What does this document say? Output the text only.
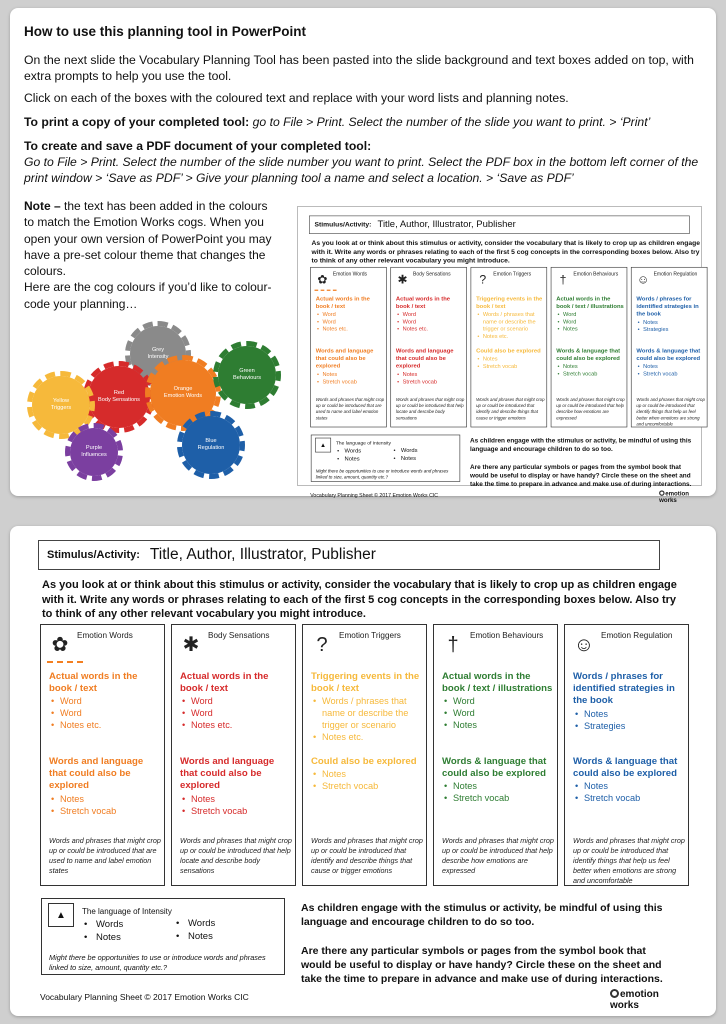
How to use this planning tool in PowerPoint
On the next slide the Vocabulary Planning Tool has been pasted into the slide background and text boxes added on top, with extra prompts to help you use the tool.
Click on each of the boxes with the coloured text and replace with your word lists and planning notes.
To print a copy of your completed tool: go to File > Print. Select the number of the slide you want to print. > ‘Print’
To create and save a PDF document of your completed tool:
Go to File > Print. Select the number of the slide number you want to print. Select the PDF box in the bottom left corner of the print window > ‘Save as PDF’ > Give your planning tool a name and select a location. > ‘Save as PDF’
Note – the text has been added in the colours to match the Emotion Works cogs. When you open your own version of PowerPoint you may have a pre-set colour theme that changes the colours.
Here are the cog colours if you’d like to colour-code your planning…
Grey
Intensity
Red
Body Sensations
Orange
Emotion Words
Green
Behaviours
Yellow
Triggers
Blue
Regulation
Purple
Influences
Stimulus/Activity: Title, Author, Illustrator, Publisher
As you look at or think about this stimulus or activity, consider the vocabulary that is likely to crop up as children engage with it. Write any words or phrases relating to each of the first 5 cog concepts in the corresponding boxes below. Also try to think of any other relevant vocabulary you might introduce.
✿ Emotion Words
Actual words in the book / text
• Word
• Word
• Notes etc.
Words and language that could also be explored
• Notes
• Stretch vocab
Words and phrases that might crop up or could be introduced that are used to name and label emotion states
✱ Body Sensations
Actual words in the book / text
• Word
• Word
• Notes etc.
Words and language that could also be explored
• Notes
• Stretch vocab
Words and phrases that might crop up or could be introduced that help locate and describe body sensations
? Emotion Triggers
Triggering events in the book / text
• Words / phrases that name or describe the trigger or scenario
• Notes etc.
Could also be explored
• Notes
• Stretch vocab
Words and phrases that might crop up or could be introduced that identify and describe things that cause or trigger emotions
† Emotion Behaviours
Actual words in the book / text / illustrations
• Word
• Word
• Notes
Words & language that could also be explored
• Notes
• Stretch vocab
Words and phrases that might crop up or could be introduced that help describe how emotions are expressed
☺ Emotion Regulation
Words / phrases for identified strategies in the book
• Notes
• Strategies
Words & language that could also be explored
• Notes
• Stretch vocab
Words and phrases that might crop up or could be introduced that identify things that help us feel better when emotions are strong and uncomfortable
▲	The language of Intensity
• Words
• Notes
• Words
• Notes
Might there be opportunities to use or introduce words and phrases linked to size, amount, quantity etc.?
As children engage with the stimulus or activity, be mindful of using this language and encourage children to do so too.
Are there any particular symbols or pages from the symbol book that would be useful to display or have handy? Circle these on the sheet and take the time to prepare in advance and make use of during interactions.
Vocabulary Planning Sheet © 2017 Emotion Works CIC	emotion works
Stimulus/Activity: Title, Author, Illustrator, Publisher
As you look at or think about this stimulus or activity, consider the vocabulary that is likely to crop up as children engage with it. Write any words or phrases relating to each of the first 5 cog concepts in the corresponding boxes below. Also try to think of any other relevant vocabulary you might introduce.
✿	Emotion Words
Actual words in the book / text
• Word
• Word
• Notes etc.
Words and language that could also be explored
• Notes
• Stretch vocab
Words and phrases that might crop up or could be introduced that are used to name and label emotion states
✱	Body Sensations
Actual words in the book / text
• Word
• Word
• Notes etc.
Words and language that could also be explored
• Notes
• Stretch vocab
Words and phrases that might crop up or could be introduced that help locate and describe body sensations
?	Emotion Triggers
Triggering events in the book / text
• Words / phrases that name or describe the trigger or scenario
• Notes etc.
Could also be explored
• Notes
• Stretch vocab
Words and phrases that might crop up or could be introduced that identify and describe things that cause or trigger emotions
†	Emotion Behaviours
Actual words in the book / text / illustrations
• Word
• Word
• Notes
Words & language that could also be explored
• Notes
• Stretch vocab
Words and phrases that might crop up or could be introduced that help describe how emotions are expressed
☺ Emotion Regulation
Words / phrases for identified strategies in the book
• Notes
• Strategies
Words & language that could also be explored
• Notes
• Stretch vocab
Words and phrases that might crop up or could be introduced that identify things that help us feel better when emotions are strong and uncomfortable
▲	The language of Intensity
• Words
• Notes
• Words
• Notes
Might there be opportunities to use or introduce words and phrases linked to size, amount, quantity etc.?
As children engage with the stimulus or activity, be mindful of using this language and encourage children to do so too.
Are there any particular symbols or pages from the symbol book that would be useful to display or have handy? Circle these on the sheet and take the time to prepare in advance and make use of during interactions.
Vocabulary Planning Sheet © 2017 Emotion Works CIC	emotion works
